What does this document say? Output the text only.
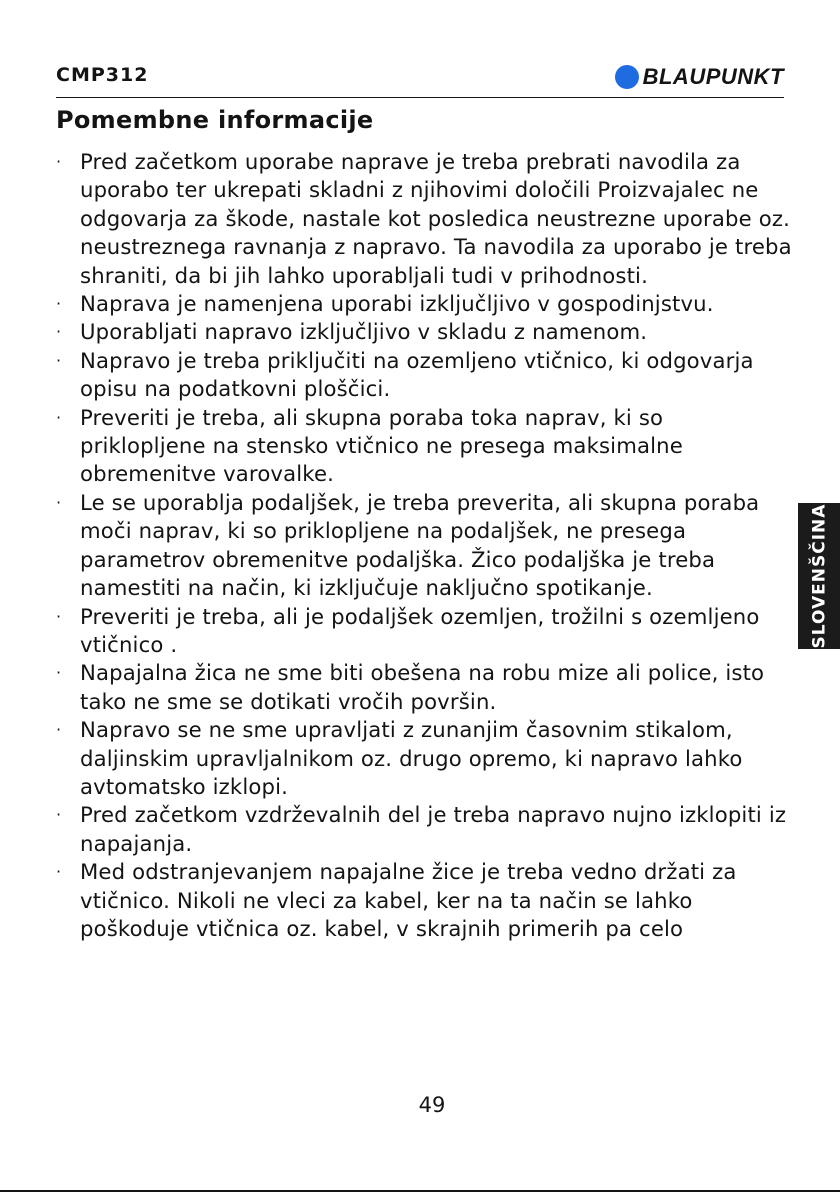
CMP312	BLAUPUNKT
Pomembne informacije
· Pred začetkom uporabe naprave je treba prebrati navodila za uporabo ter ukrepati skladni z njihovimi določili Proizvajalec ne odgovarja za škode, nastale kot posledica neustrezne uporabe oz. neustreznega ravnanja z napravo. Ta navodila za uporabo je treba shraniti, da bi jih lahko uporabljali tudi v prihodnosti.
· Naprava je namenjena uporabi izključljivo v gospodinjstvu.
· Uporabljati napravo izključljivo v skladu z namenom.
· Napravo je treba priključiti na ozemljeno vtičnico, ki odgovarja opisu na podatkovni ploščici.
· Preveriti je treba, ali skupna poraba toka naprav, ki so priklopljene na stensko vtičnico ne presega maksimalne obremenitve varovalke.
· Le se uporablja podaljšek, je treba preverita, ali skupna poraba moči naprav, ki so priklopljene na podaljšek, ne presega parametrov obremenitve podaljška. Žico podaljška je treba namestiti na način, ki izključuje naključno spotikanje.
· Preveriti je treba, ali je podaljšek ozemljen, trožilni s ozemljeno vtičnico .
· Napajalna žica ne sme biti obešena na robu mize ali police, isto tako ne sme se dotikati vročih površin.
· Napravo se ne sme upravljati z zunanjim časovnim stikalom, daljinskim upravljalnikom oz. drugo opremo, ki napravo lahko avtomatsko izklopi.
· Pred začetkom vzdrževalnih del je treba napravo nujno izklopiti iz napajanja.
· Med odstranjevanjem napajalne žice je treba vedno držati za vtičnico. Nikoli ne vleci za kabel, ker na ta način se lahko poškoduje vtičnica oz. kabel, v skrajnih primerih pa celo
SLOVENŠČINA
49
